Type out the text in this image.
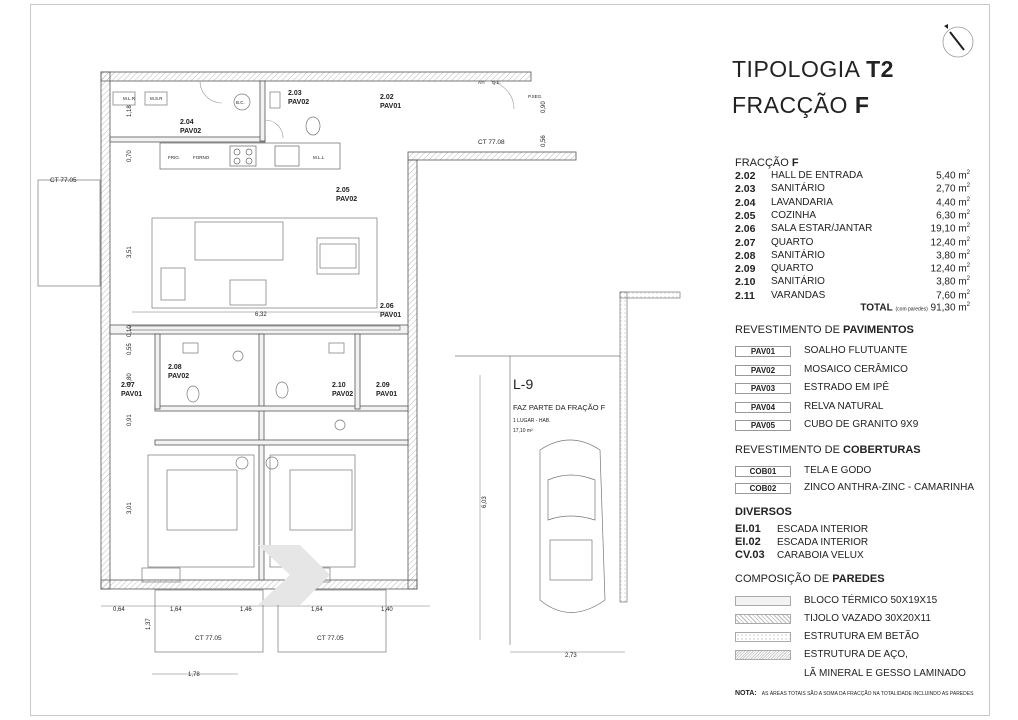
2.03
PAV02
2.02
PAV01
2.04
PAV02
2.05
PAV02
2.06
PAV01
2.08
PAV02
2.07
PAV01
2.10
PAV02
2.09
PAV01
ATI Q.E.
P.SEG.
M.L.R	M.S.R
B.C.
FRIG.	FORNO	M.L.L
CT 77.08
CT 77.05
CT 77.05	CT 77.05
6,32
0,64	1,64	1,46	1,64	1,40
1,78
1,18
0,70
3,51
0,10
0,55
0,80
0,91
3,01
0,90
0,56
1,37
L-9
FAZ PARTE DA FRAÇÃO F
1 LUGAR - HAB.
17,10 m²
6,03
2,73
TIPOLOGIA T2
FRACÇÃO F
FRACÇÃO F
2.02	HALL DE ENTRADA	5,40 $m^2$
2.03	SANITÁRIO	2,70 $m^2$
2.04	LAVANDARIA	4,40 $m^2$
2.05	COZINHA	6,30 $m^2$
2.06	SALA ESTAR/JANTAR	19,10 $m^2$
2.07	QUARTO	12,40 $m^2$
2.08	SANITÁRIO	3,80 $m^2$
2.09	QUARTO	12,40 $m^2$
2.10	SANITÁRIO	3,80 $m^2$
2.11	VARANDAS	7,60 $m^2$
TOTAL (com paredes) 91,30 $m^2$
REVESTIMENTO DE PAVIMENTOS
PAV01	SOALHO FLUTUANTE
PAV02	MOSAICO CERÂMICO
PAV03	ESTRADO EM IPÊ
PAV04	RELVA NATURAL
PAV05	CUBO DE GRANITO 9X9
REVESTIMENTO DE COBERTURAS
COB01	TELA E GODO
COB02	ZINCO ANTHRA-ZINC - CAMARINHA
DIVERSOS
EI.01 ESCADA INTERIOR
EI.02 ESCADA INTERIOR
CV.03 CARABOIA VELUX
COMPOSIÇÃO DE PAREDES
BLOCO TÉRMICO 50X19X15
TIJOLO VAZADO 30X20X11
ESTRUTURA EM BETÃO
ESTRUTURA DE AÇO,
LÃ MINERAL E GESSO LAMINADO
NOTA: AS ÁREAS TOTAIS SÃO A SOMA DA FRACÇÃO NA TOTALIDADE INCLUINDO AS PAREDES
